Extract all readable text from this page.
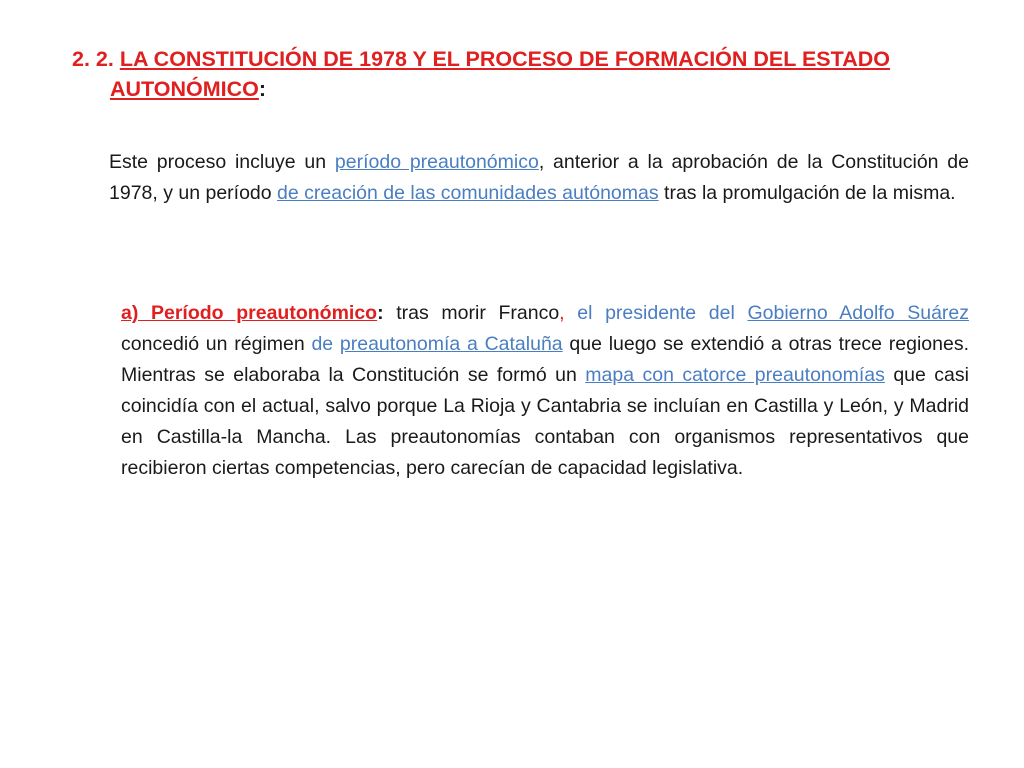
2. 2. LA CONSTITUCIÓN DE 1978 Y EL PROCESO DE FORMACIÓN DEL ESTADO
AUTONÓMICO:

Este proceso incluye un período preautonómico, anterior a la aprobación de la Constitución de 1978, y un período de creación de las comunidades autónomas tras la promulgación de la misma.

a) Período preautonómico: tras morir Franco, el presidente del Gobierno Adolfo Suárez concedió un régimen de preautonomía a Cataluña que luego se extendió a otras trece regiones. Mientras se elaboraba la Constitución se formó un mapa con catorce preautonomías que casi coincidía con el actual, salvo porque La Rioja y Cantabria se incluían en Castilla y León, y Madrid en Castilla-la Mancha. Las preautonomías contaban con organismos representativos que recibieron ciertas competencias, pero carecían de capacidad legislativa.
